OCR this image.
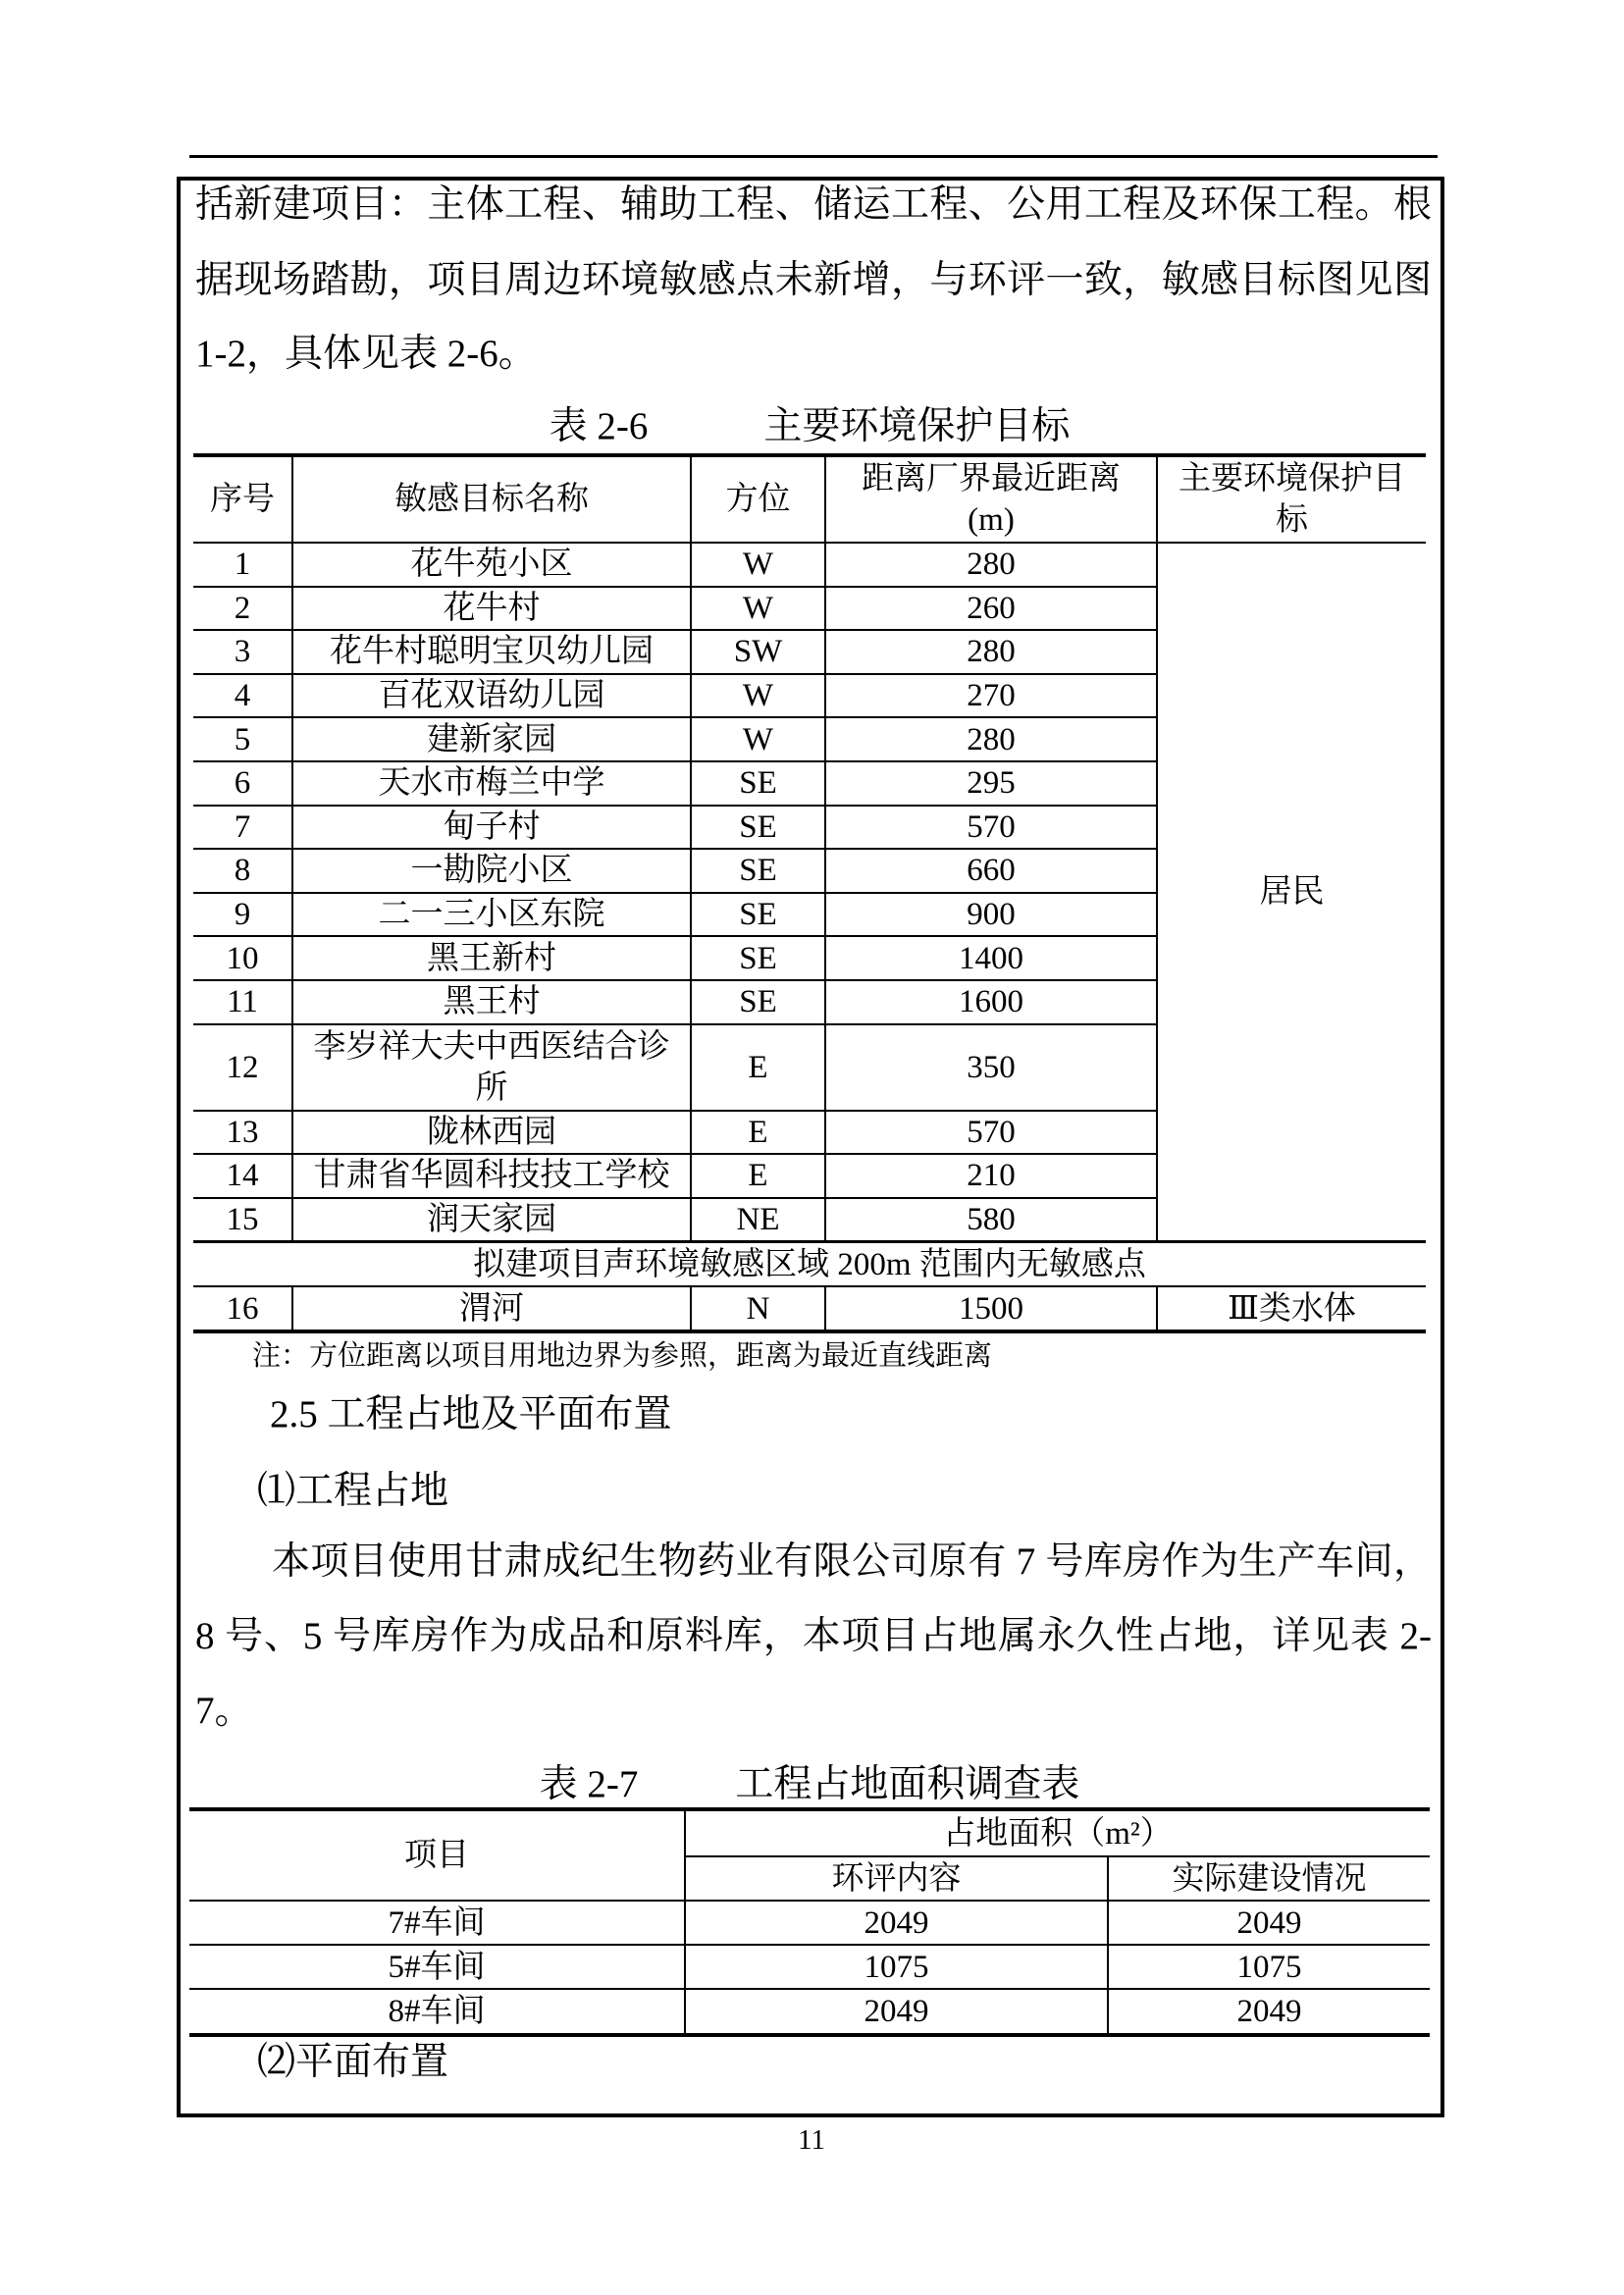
括新建项目：主体工程、辅助工程、储运工程、公用工程及环保工程。根
据现场踏勘，项目周边环境敏感点未新增，与环评一致，敏感目标图见图
1-2，具体见表 2-6。
表 2-6	主要环境保护目标
序号	敏感目标名称	方位	距离厂界最近距离(m)	主要环境保护目标
1	花牛苑小区	W	280	居民
2	花牛村	W	260	
3	花牛村聪明宝贝幼儿园	SW	280	
4	百花双语幼儿园	W	270	
5	建新家园	W	280	
6	天水市梅兰中学	SE	295	
7	甸子村	SE	570	
8	一勘院小区	SE	660	
9	二一三小区东院	SE	900	
10	黑王新村	SE	1400	
11	黑王村	SE	1600	
12	李岁祥大夫中西医结合诊所	E	350	
13	陇林西园	E	570	
14	甘肃省华圆科技技工学校	E	210	
15	润天家园	NE	580	
拟建项目声环境敏感区域 200m 范围内无敏感点				
16	渭河	N	1500	Ⅲ类水体
注：方位距离以项目用地边界为参照，距离为最近直线距离
2.5 工程占地及平面布置
⑴工程占地
本项目使用甘肃成纪生物药业有限公司原有 7 号库房作为生产车间，
8 号、5 号库房作为成品和原料库，本项目占地属永久性占地，详见表 2-
7。
表 2-7	工程占地面积调查表
项目	占地面积（m²）	
	环评内容	实际建设情况
7#车间	2049	2049
5#车间	1075	1075
8#车间	2049	2049
⑵平面布置
11
